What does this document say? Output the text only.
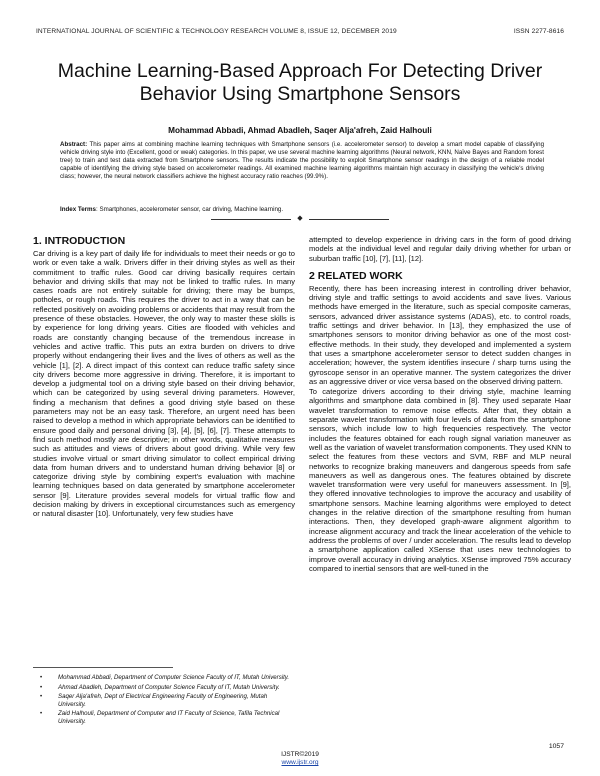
INTERNATIONAL JOURNAL OF SCIENTIFIC & TECHNOLOGY RESEARCH VOLUME 8, ISSUE 12, DECEMBER 2019	ISSN 2277-8616
Machine Learning-Based Approach For Detecting Driver Behavior Using Smartphone Sensors
Mohammad Abbadi, Ahmad Abadleh, Saqer Alja'afreh, Zaid Halhouli

Abstract: This paper aims at combining machine learning techniques with Smartphone sensors (i.e. accelerometer sensor) to develop a smart model capable of classifying vehicle driving style into (Excellent, good or weak) categories. In this paper, we use several machine learning algorithms (Neural network, KNN, Naïve Bayes and Random forest tree) to train and test data extracted from Smartphone sensors. The results indicate the possibility to exploit Smartphone sensor readings in the design of a reliable model capable of identifying the driving style based on accelerometer readings. All examined machine learning algorithms maintain high accuracy in classifying the vehicle's driving class; however, the neural network classifiers achieve the highest accuracy ratio reaches (99.9%).

Index Terms: Smartphones, accelerometer sensor, car driving, Machine learning.

◆
1. INTRODUCTION

Car driving is a key part of daily life for individuals to meet their needs or go to work or even take a walk. Drivers differ in their driving styles as well as their commitment to traffic rules. Good car driving basically requires certain behavior and driving skills that may not be linked to traffic rules. In many cases roads are not entirely suitable for driving; there may be bumps, potholes, or rough roads. This requires the driver to act in a way that can be reflected positively on avoiding problems or accidents that may result from the presence of these obstacles. However, the only way to master these skills is by experience for long driving years. Cities are flooded with vehicles and roads are constantly changing because of the tremendous increase in vehicles and active traffic. This puts an extra burden on drivers to drive properly without endangering their lives and the lives of others as well as the vehicle [1], [2]. A direct impact of this context can reduce traffic safety since city drivers become more aggressive in driving. Therefore, it is important to develop a judgmental tool on a driving style based on their driving behavior, which can be categorized by using several driving parameters. However, finding a mechanism that defines a good driving style based on these parameters may not be an easy task. Therefore, an urgent need has been raised to develop a method in which appropriate behaviors can be identified to ensure good daily and personal driving [3], [4], [5], [6], [7]. These attempts to find such method mostly are descriptive; in other words, qualitative measures such as attitudes and views of drivers about good driving. While very few studies involve virtual or smart driving simulator to collect empirical driving data from human drivers and to understand human driving behavior [8] or categorize driving style by combining expert's evaluation with machine learning techniques based on data generated by smartphone accelerometer sensor [9]. Literature provides several models for virtual traffic flow and decision making by drivers in exceptional circumstances such as emergency or natural disaster [10]. Unfortunately, very few studies have

attempted to develop experience in driving cars in the form of good driving models at the individual level and regular daily driving whether for urban or suburban traffic [10], [7], [11], [12].

2 RELATED WORK

Recently, there has been increasing interest in controlling driver behavior, driving style and traffic settings to avoid accidents and save lives. Various methods have emerged in the literature, such as special composite cameras, sensors, advanced driver assistance systems (ADAS), etc. to control roads, traffic settings and driver behavior. In [13], they emphasized the use of smartphones sensors to monitor driving behavior as one of the most cost-effective methods. In their study, they developed and implemented a system that uses a smartphone accelerometer sensor to detect sudden changes in acceleration; however, the system identifies insecure / sharp turns using the gyroscope sensor in an operative manner. The system categorizes the driver as an aggressive driver or vice versa based on the observed driving pattern.

To categorize drivers according to their driving style, machine learning algorithms and smartphone data combined in [8]. They used separate Haar wavelet transformation to remove noise effects. After that, they obtain a separate wavelet transformation with four levels of data from the smartphone sensors, which include low to high frequencies respectively. The vector includes the features obtained for each rough signal variation maneuver as well as the variation of wavelet transformation components. They used KNN to select the features from these vectors and SVM, RBF and MLP neural networks to recognize braking maneuvers and dangerous speeds from safe maneuvers as well as dangerous ones. The features obtained by discrete wavelet transformation were very useful for maneuvers assessment. In [9], they offered innovative technologies to improve the accuracy and usability of smartphone sensors. Machine learning algorithms were employed to detect changes in the relative direction of the smartphone resulting from human interactions. Then, they developed graph-aware alignment algorithm to increase alignment accuracy and track the linear acceleration of the vehicle to address the problems of over / under acceleration. The results lead to develop a smartphone application called XSense that uses new technologies to improve overall accuracy in driving analytics. XSense improved 75% accuracy compared to inertial sensors that are well-tuned in the

•	Mohammad Abbadi, Department of Computer Science Faculty of IT, Mutah University.
•	Ahmad Abadleh, Department of Computer Science Faculty of IT, Mutah University.
•	Saqer Alja'afreh, Dept of Electrical Engineering Faculty of Engineering, Mutah University.
•	Zaid Halhouli, Department of Computer and IT Faculty of Science, Tafila Technical University.
1057
IJSTR©2019
www.ijstr.org
